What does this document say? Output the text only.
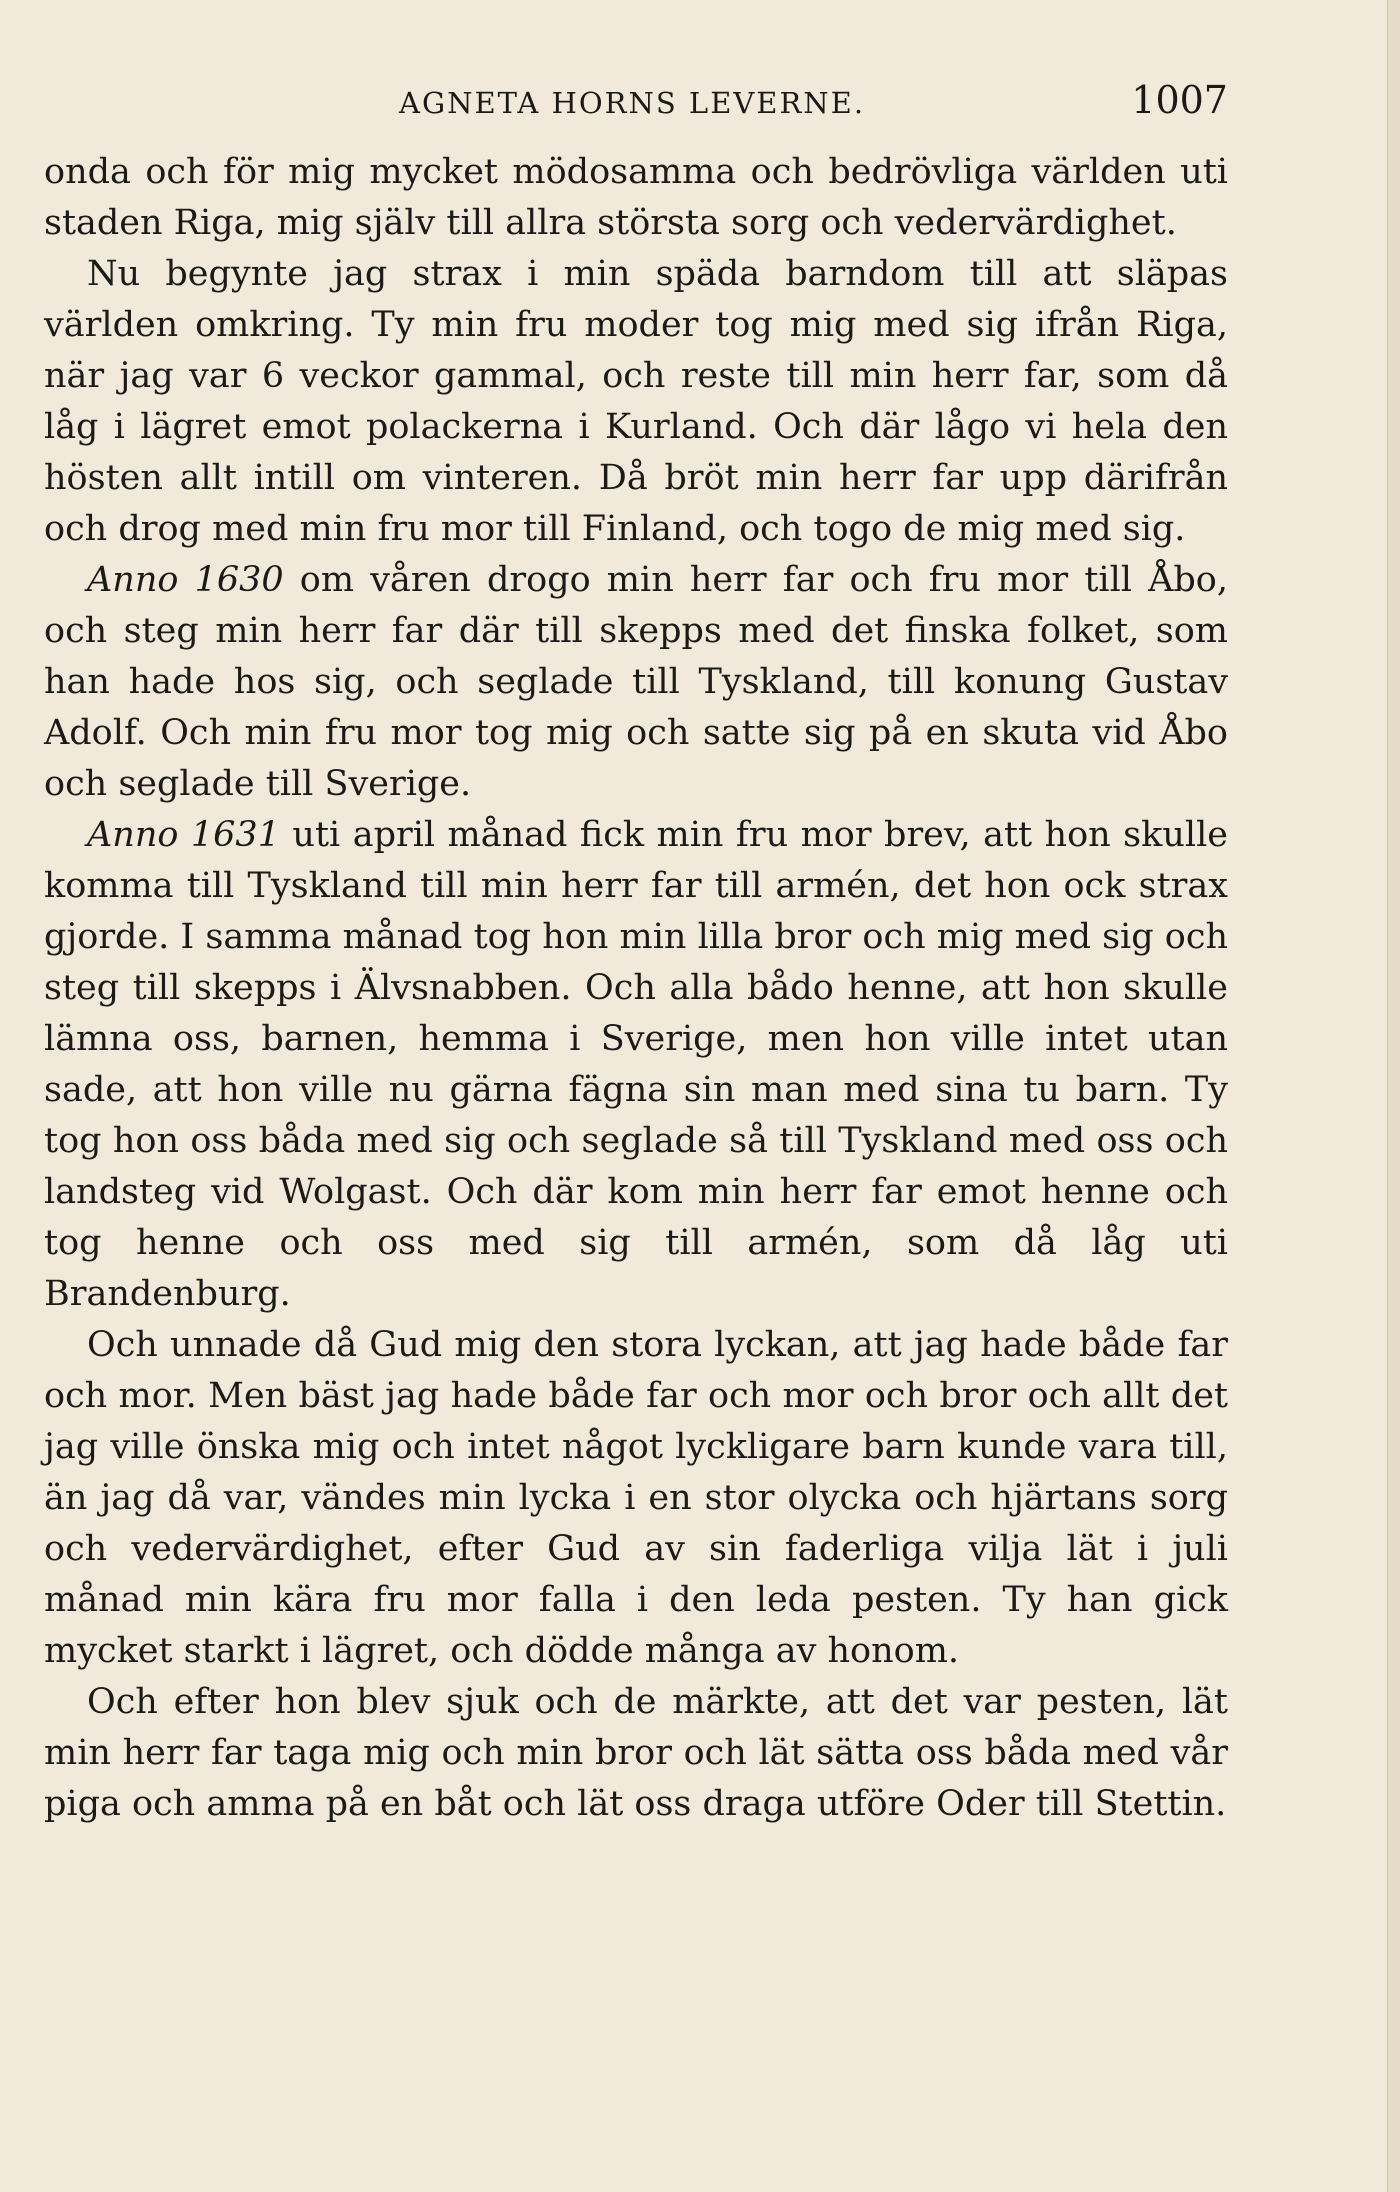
AGNETA HORNS LEVERNE.	1007

onda och för mig mycket mödosamma och bedrövliga världen uti staden Riga, mig själv till allra största sorg och vedervärdighet.

Nu begynte jag strax i min späda barndom till att släpas världen omkring. Ty min fru moder tog mig med sig ifrån Riga, när jag var 6 veckor gammal, och reste till min herr far, som då låg i lägret emot polackerna i Kurland. Och där lågo vi hela den hösten allt intill om vinteren. Då bröt min herr far upp därifrån och drog med min fru mor till Finland, och togo de mig med sig.

Anno 1630 om våren drogo min herr far och fru mor till Åbo, och steg min herr far där till skepps med det finska folket, som han hade hos sig, och seglade till Tyskland, till konung Gustav Adolf. Och min fru mor tog mig och satte sig på en skuta vid Åbo och seglade till Sverige.

Anno 1631 uti april månad fick min fru mor brev, att hon skulle komma till Tyskland till min herr far till armén, det hon ock strax gjorde. I samma månad tog hon min lilla bror och mig med sig och steg till skepps i Älvsnabben. Och alla bådo henne, att hon skulle lämna oss, barnen, hemma i Sverige, men hon ville intet utan sade, att hon ville nu gärna fägna sin man med sina tu barn. Ty tog hon oss båda med sig och seglade så till Tyskland med oss och landsteg vid Wolgast. Och där kom min herr far emot henne och tog henne och oss med sig till armén, som då låg uti Brandenburg.

Och unnade då Gud mig den stora lyckan, att jag hade både far och mor. Men bäst jag hade både far och mor och bror och allt det jag ville önska mig och intet något lyckligare barn kunde vara till, än jag då var, vändes min lycka i en stor olycka och hjärtans sorg och vedervärdighet, efter Gud av sin faderliga vilja lät i juli månad min kära fru mor falla i den leda pesten. Ty han gick mycket starkt i lägret, och dödde många av honom.

Och efter hon blev sjuk och de märkte, att det var pesten, lät min herr far taga mig och min bror och lät sätta oss båda med vår piga och amma på en båt och lät oss draga utföre Oder till Stettin.
